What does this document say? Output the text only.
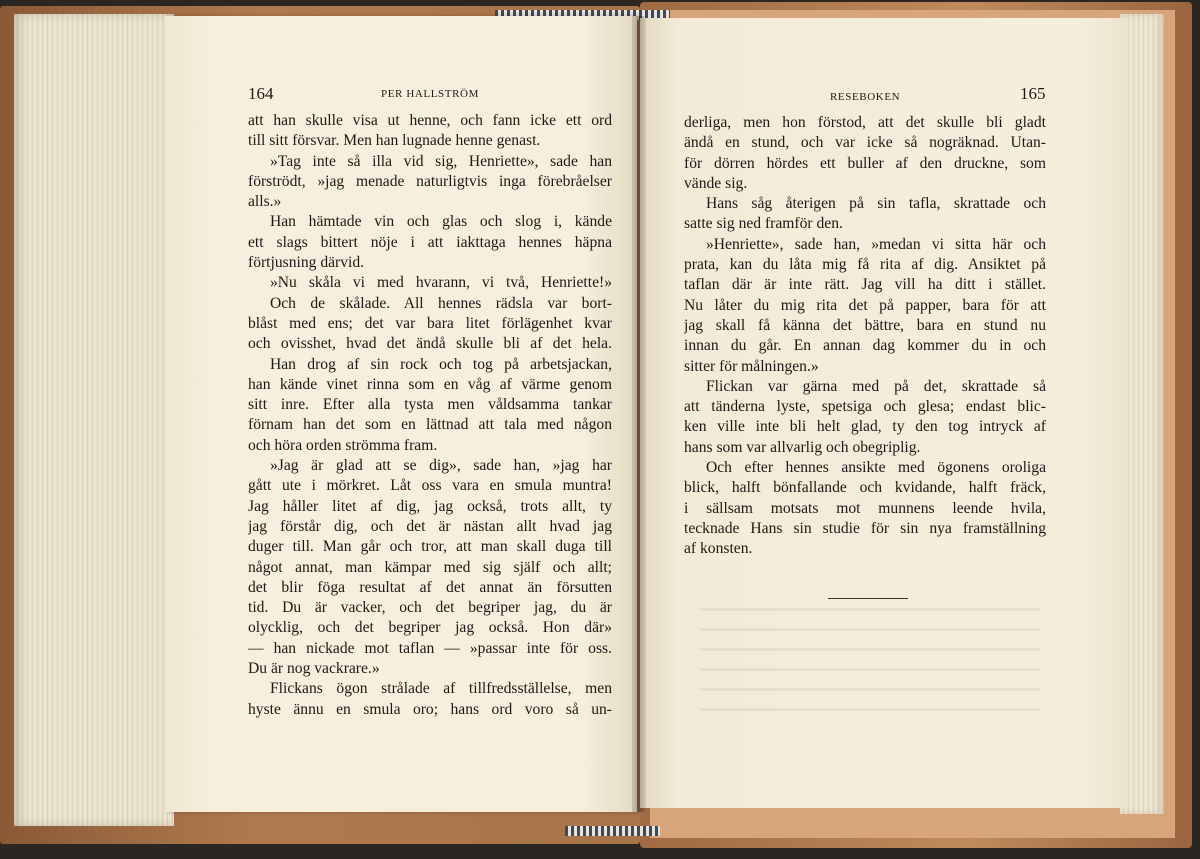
164	PER HALLSTRÖM	RESEBOKEN	165
att han skulle visa ut henne, och fann icke ett ord
till sitt försvar. Men han lugnade henne genast.
»Tag inte så illa vid sig, Henriette», sade han
förströdt, »jag menade naturligtvis inga förebråelser
alls.»
Han hämtade vin och glas och slog i, kände
ett slags bittert nöje i att iakttaga hennes häpna
förtjusning därvid.
»Nu skåla vi med hvarann, vi två, Henriette!»
Och de skålade. All hennes rädsla var bort-
blåst med ens; det var bara litet förlägenhet kvar
och ovisshet, hvad det ändå skulle bli af det hela.
Han drog af sin rock och tog på arbetsjackan,
han kände vinet rinna som en våg af värme genom
sitt inre. Efter alla tysta men våldsamma tankar
förnam han det som en lättnad att tala med någon
och höra orden strömma fram.
»Jag är glad att se dig», sade han, »jag har
gått ute i mörkret. Låt oss vara en smula muntra!
Jag håller litet af dig, jag också, trots allt, ty
jag förstår dig, och det är nästan allt hvad jag
duger till. Man går och tror, att man skall duga till
något annat, man kämpar med sig själf och allt;
det blir föga resultat af det annat än försutten
tid. Du är vacker, och det begriper jag, du är
olycklig, och det begriper jag också. Hon där»
— han nickade mot taflan — »passar inte för oss.
Du är nog vackrare.»
Flickans ögon strålade af tillfredsställelse, men
hyste ännu en smula oro; hans ord voro så un-
derliga, men hon förstod, att det skulle bli gladt
ändå en stund, och var icke så nogräknad. Utan-
för dörren hördes ett buller af den druckne, som
vände sig.
Hans såg återigen på sin tafla, skrattade och
satte sig ned framför den.
»Henriette», sade han, »medan vi sitta här och
prata, kan du låta mig få rita af dig. Ansiktet på
taflan där är inte rätt. Jag vill ha ditt i stället.
Nu låter du mig rita det på papper, bara för att
jag skall få känna det bättre, bara en stund nu
innan du går. En annan dag kommer du in och
sitter för målningen.»
Flickan var gärna med på det, skrattade så
att tänderna lyste, spetsiga och glesa; endast blic-
ken ville inte bli helt glad, ty den tog intryck af
hans som var allvarlig och obegriplig.
Och efter hennes ansikte med ögonens oroliga
blick, halft bönfallande och kvidande, halft fräck,
i sällsam motsats mot munnens leende hvila,
tecknade Hans sin studie för sin nya framställning
af konsten.
